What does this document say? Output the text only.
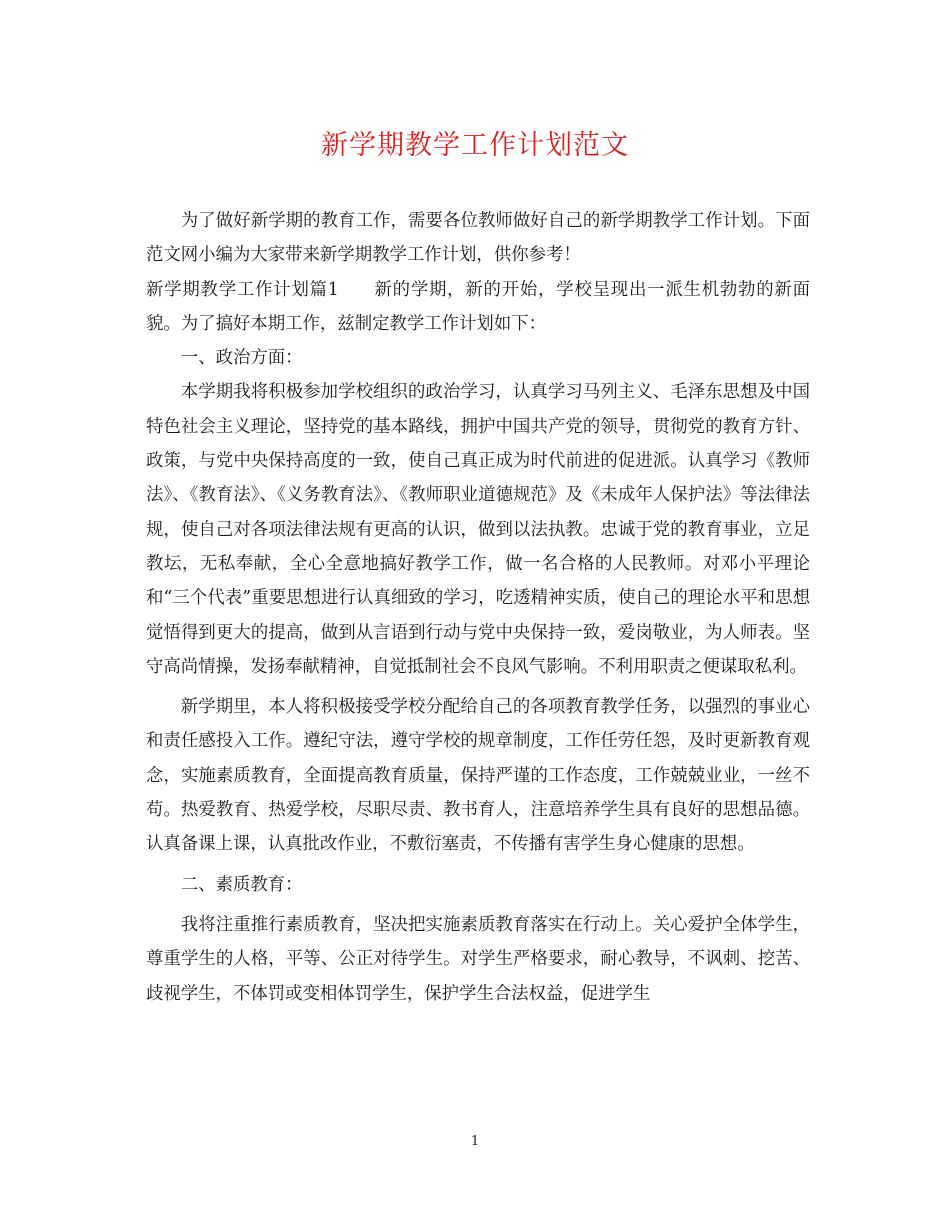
新学期教学工作计划范文

为了做好新学期的教育工作，需要各位教师做好自己的新学期教学工作计划。下面范文网小编为大家带来新学期教学工作计划，供你参考！

新学期教学工作计划篇1 新的学期，新的开始，学校呈现出一派生机勃勃的新面貌。为了搞好本期工作，兹制定教学工作计划如下：

一、政治方面：

本学期我将积极参加学校组织的政治学习，认真学习马列主义、毛泽东思想及中国特色社会主义理论，坚持党的基本路线，拥护中国共产党的领导，贯彻党的教育方针、政策，与党中央保持高度的一致，使自己真正成为时代前进的促进派。认真学习《教师法》、《教育法》、《义务教育法》、《教师职业道德规范》及《未成年人保护法》等法律法规，使自己对各项法律法规有更高的认识，做到以法执教。忠诚于党的教育事业，立足教坛，无私奉献，全心全意地搞好教学工作，做一名合格的人民教师。对邓小平理论和“三个代表”重要思想进行认真细致的学习，吃透精神实质，使自己的理论水平和思想觉悟得到更大的提高，做到从言语到行动与党中央保持一致，爱岗敬业，为人师表。坚守高尚情操，发扬奉献精神，自觉抵制社会不良风气影响。不利用职责之便谋取私利。

新学期里，本人将积极接受学校分配给自己的各项教育教学任务，以强烈的事业心和责任感投入工作。遵纪守法，遵守学校的规章制度，工作任劳任怨，及时更新教育观念，实施素质教育，全面提高教育质量，保持严谨的工作态度，工作兢兢业业，一丝不苟。热爱教育、热爱学校，尽职尽责、教书育人，注意培养学生具有良好的思想品德。认真备课上课，认真批改作业，不敷衍塞责，不传播有害学生身心健康的思想。

二、素质教育：

我将注重推行素质教育，坚决把实施素质教育落实在行动上。关心爱护全体学生，尊重学生的人格，平等、公正对待学生。对学生严格要求，耐心教导，不讽刺、挖苦、歧视学生，不体罚或变相体罚学生，保护学生合法权益，促进学生

1
